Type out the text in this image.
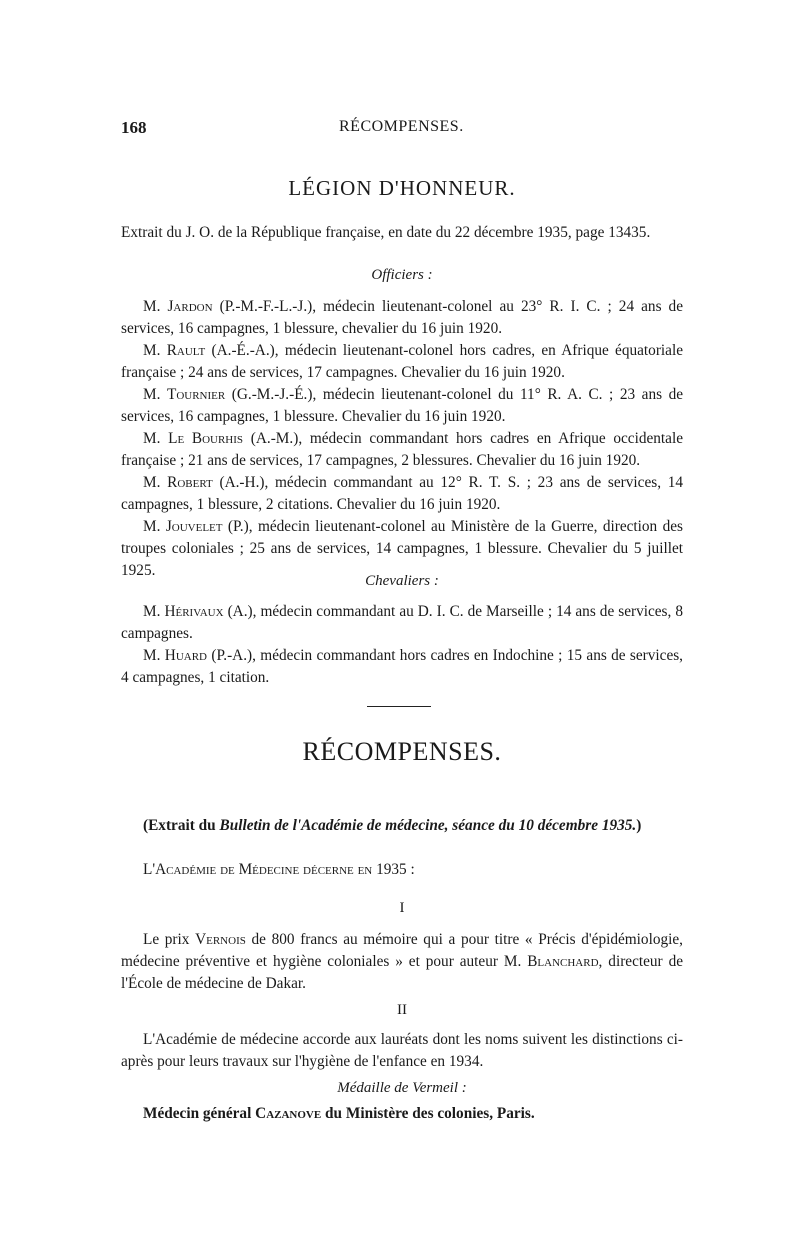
168	RÉCOMPENSES.
LÉGION D'HONNEUR.
Extrait du J. O. de la République française, en date du 22 décembre 1935, page 13435.
Officiers :
M. Jardon (P.-M.-F.-L.-J.), médecin lieutenant-colonel au 23° R. I. C. ; 24 ans de services, 16 campagnes, 1 blessure, chevalier du 16 juin 1920.
M. Rault (A.-É.-A.), médecin lieutenant-colonel hors cadres, en Afrique équatoriale française ; 24 ans de services, 17 campagnes. Chevalier du 16 juin 1920.
M. Tournier (G.-M.-J.-É.), médecin lieutenant-colonel du 11° R. A. C. ; 23 ans de services, 16 campagnes, 1 blessure. Chevalier du 16 juin 1920.
M. Le Bourhis (A.-M.), médecin commandant hors cadres en Afrique occidentale française ; 21 ans de services, 17 campagnes, 2 blessures. Chevalier du 16 juin 1920.
M. Robert (A.-H.), médecin commandant au 12° R. T. S. ; 23 ans de services, 14 campagnes, 1 blessure, 2 citations. Chevalier du 16 juin 1920.
M. Jouvelet (P.), médecin lieutenant-colonel au Ministère de la Guerre, direction des troupes coloniales ; 25 ans de services, 14 campagnes, 1 blessure. Chevalier du 5 juillet 1925.
Chevaliers :
M. Hérivaux (A.), médecin commandant au D. I. C. de Marseille ; 14 ans de services, 8 campagnes.
M. Huard (P.-A.), médecin commandant hors cadres en Indochine ; 15 ans de services, 4 campagnes, 1 citation.
RÉCOMPENSES.
(Extrait du Bulletin de l'Académie de médecine, séance du 10 décembre 1935.)
L'Académie de Médecine décerne en 1935 :
I
Le prix Vernois de 800 francs au mémoire qui a pour titre « Précis d'épidémiologie, médecine préventive et hygiène coloniales » et pour auteur M. Blanchard, directeur de l'École de médecine de Dakar.
II
L'Académie de médecine accorde aux lauréats dont les noms suivent les distinctions ci-après pour leurs travaux sur l'hygiène de l'enfance en 1934.
Médaille de Vermeil :
Médecin général Cazanove du Ministère des colonies, Paris.
